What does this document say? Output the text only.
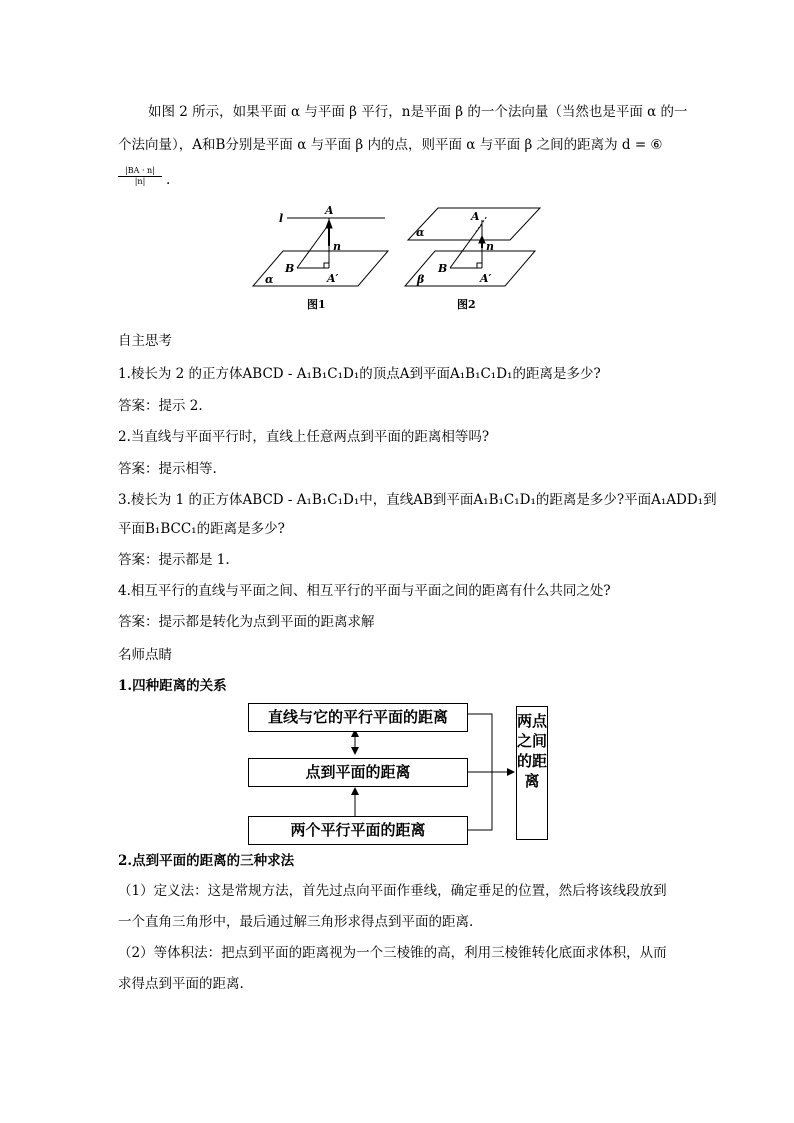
如图 2 所示，如果平面 α 与平面 β 平行，n是平面 β 的一个法向量（当然也是平面 α 的一
个法向量），A和B分别是平面 α 与平面 β 内的点，则平面 α 与平面 β 之间的距离为 d = ⑥
$\frac{|BA \cdot n|}{|n|}$ .
l
A
n
B
A′
α
图1
A
n
B
A′
α
β
图2
自主思考
1.棱长为 2 的正方体ABCD - A₁B₁C₁D₁的顶点A到平面A₁B₁C₁D₁的距离是多少?
答案：提示 2.
2.当直线与平面平行时，直线上任意两点到平面的距离相等吗?
答案：提示相等.
3.棱长为 1 的正方体ABCD - A₁B₁C₁D₁中，直线AB到平面A₁B₁C₁D₁的距离是多少?平面A₁ADD₁到
平面B₁BCC₁的距离是多少?
答案：提示都是 1.
4.相互平行的直线与平面之间、相互平行的平面与平面之间的距离有什么共同之处?
答案：提示都是转化为点到平面的距离求解
名师点睛
1.四种距离的关系
直线与它的平行平面的距离
点到平面的距离
两个平行平面的距离
两点之间的距离
2.点到平面的距离的三种求法
（1）定义法：这是常规方法，首先过点向平面作垂线，确定垂足的位置，然后将该线段放到一个直角三角形中，最后通过解三角形求得点到平面的距离.
（2）等体积法：把点到平面的距离视为一个三棱锥的高，利用三棱锥转化底面求体积，从而求得点到平面的距离.
